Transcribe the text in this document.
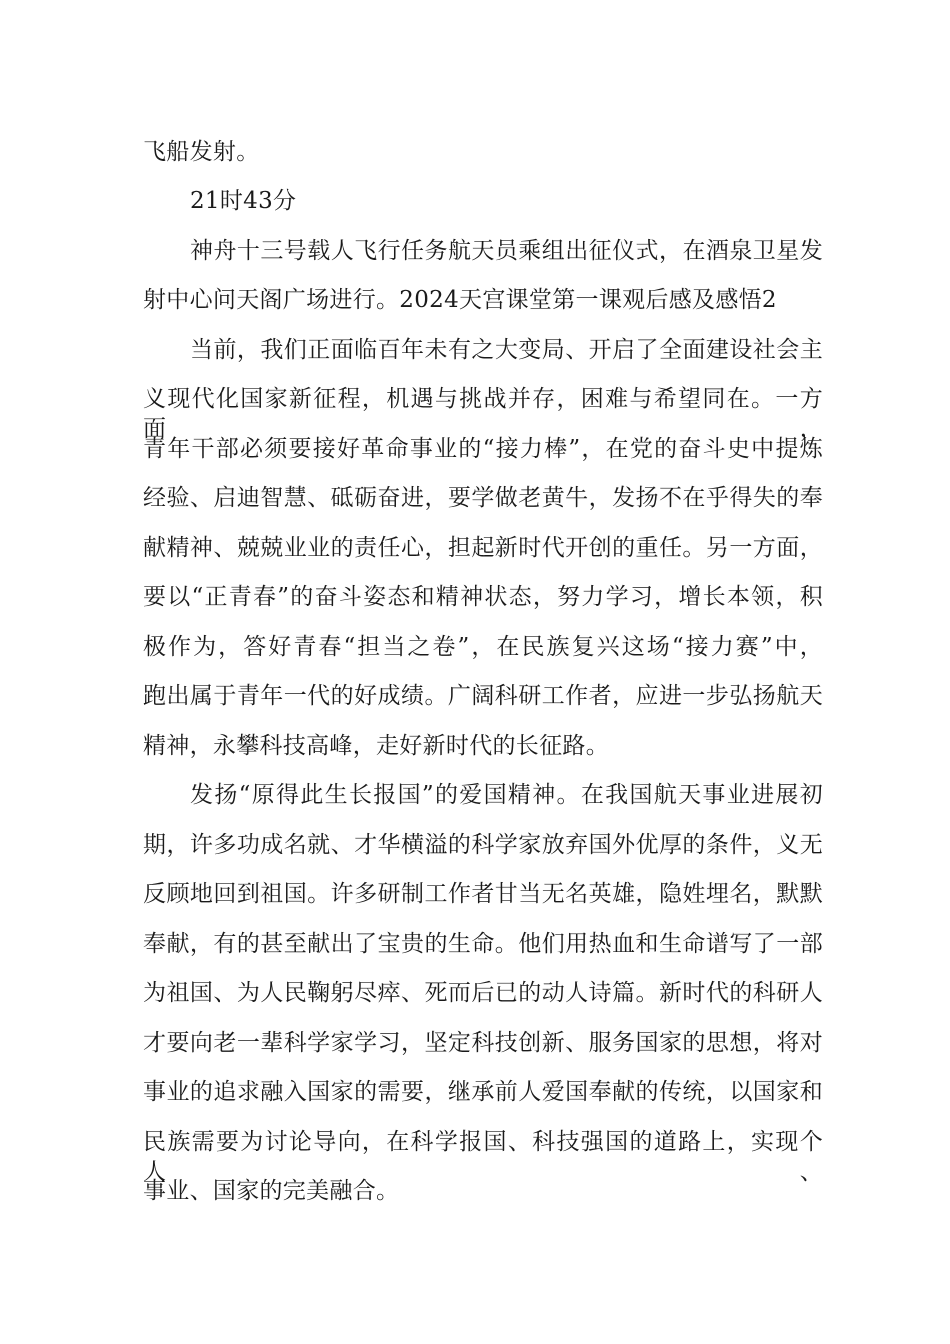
飞船发射。
21时43分
神舟十三号载人飞行任务航天员乘组出征仪式，在酒泉卫星发
射中心问天阁广场进行。2024天宫课堂第一课观后感及感悟2
当前，我们正面临百年未有之大变局、开启了全面建设社会主
义现代化国家新征程，机遇与挑战并存，困难与希望同在。一方面，
青年干部必须要接好革命事业的“接力棒”，在党的奋斗史中提炼
经验、启迪智慧、砥砺奋进，要学做老黄牛，发扬不在乎得失的奉
献精神、兢兢业业的责任心，担起新时代开创的重任。另一方面，
要以“正青春”的奋斗姿态和精神状态，努力学习，增长本领，积
极作为，答好青春“担当之卷”，在民族复兴这场“接力赛”中，
跑出属于青年一代的好成绩。广阔科研工作者，应进一步弘扬航天
精神，永攀科技高峰，走好新时代的长征路。
发扬“原得此生长报国”的爱国精神。在我国航天事业进展初
期，许多功成名就、才华横溢的科学家放弃国外优厚的条件，义无
反顾地回到祖国。许多研制工作者甘当无名英雄，隐姓埋名，默默
奉献，有的甚至献出了宝贵的生命。他们用热血和生命谱写了一部
为祖国、为人民鞠躬尽瘁、死而后已的动人诗篇。新时代的科研人
才要向老一辈科学家学习，坚定科技创新、服务国家的思想，将对
事业的追求融入国家的需要，继承前人爱国奉献的传统，以国家和
民族需要为讨论导向，在科学报国、科技强国的道路上，实现个人、
事业、国家的完美融合。
